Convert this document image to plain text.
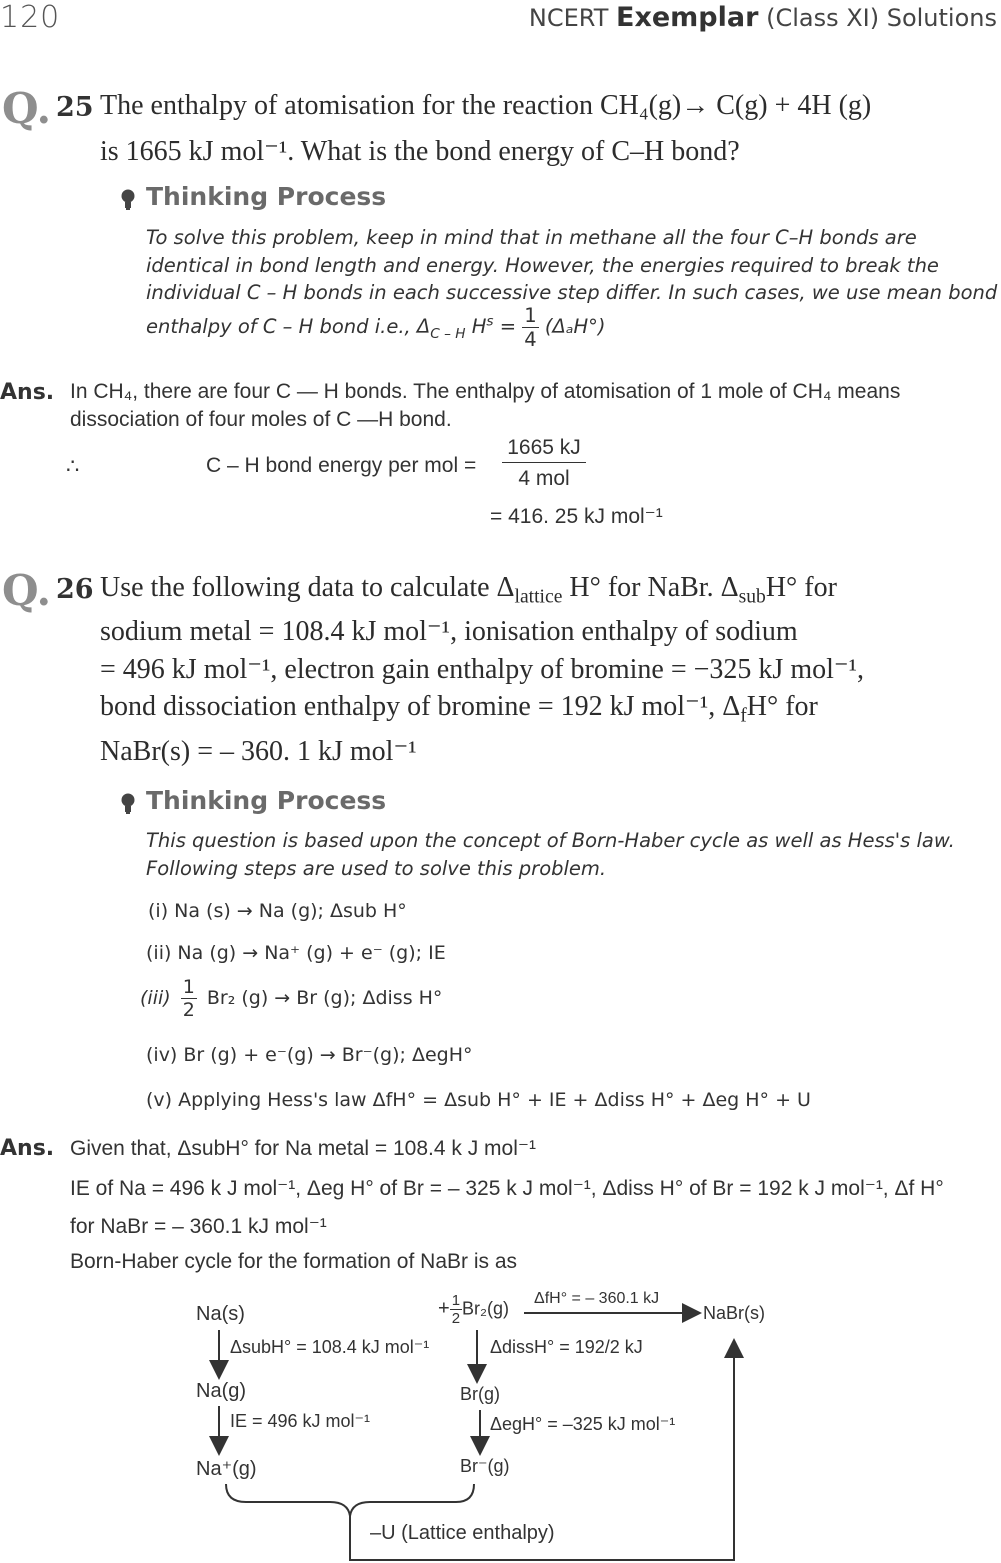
120	NCERT Exemplar (Class XI) Solutions
Q. 25 The enthalpy of atomisation for the reaction CH₄(g)→ C(g) + 4H (g)
is 1665 kJ mol⁻¹. What is the bond energy of C–H bond?
Thinking Process
To solve this problem, keep in mind that in methane all the four C–H bonds are
identical in bond length and energy. However, the energies required to break the
individual C – H bonds in each successive step differ. In such cases, we use mean bond
enthalpy of C – H bond i.e., $\Delta_{C - H}$ $H^s = \frac{1}{4} (\Delta_aH^\circ)$
Ans. In CH₄, there are four C — H bonds. The enthalpy of atomisation of 1 mole of CH₄ means
dissociation of four moles of C —H bond.
∴	C – H bond energy per mol =
1665 kJ
4 mol
= 416. 25 kJ mol⁻¹
Q. 26 Use the following data to calculate $\Delta_{lattice}$ H° for NaBr. $\Delta_{sub}H^\circ$ for
sodium metal = 108.4 kJ mol⁻¹, ionisation enthalpy of sodium
= 496 kJ mol⁻¹, electron gain enthalpy of bromine = −325 kJ mol⁻¹,
bond dissociation enthalpy of bromine = 192 kJ mol⁻¹, $\Delta_fH^\circ$ for
NaBr(s) = – 360. 1 kJ mol⁻¹
Thinking Process
This question is based upon the concept of Born-Haber cycle as well as Hess's law.
Following steps are used to solve this problem.
(i) Na (s) → Na (g); Δsub H°
(ii) Na (g) → Na⁺ (g) + e⁻ (g); IE
$(iii) \frac{1}{2} Br_2$ (g) → Br (g); Δdiss H°
(iv) Br (g) + e⁻(g) → Br⁻(g); ΔegH°
(v) Applying Hess's law ΔfH° = Δsub H° + IE + Δdiss H° + Δeg H° + U
Ans. Given that, ΔsubH° for Na metal = 108.4 k J mol⁻¹
IE of Na = 496 k J mol⁻¹, Δeg H° of Br = – 325 k J mol⁻¹, Δdiss H° of Br = 192 k J mol⁻¹, Δf H°
for NaBr = – 360.1 kJ mol⁻¹
Born-Haber cycle for the formation of NaBr is as
Na(s)
ΔsubH° = 108.4 kJ mol⁻¹
Na(g)
IE = 496 kJ mol⁻¹
Na⁺(g)
+ $\frac{1}{2} Br_2(g) \Delta fH^\circ$ = – 360.1 kJ
NaBr(s)
ΔdissH° = 192/2 kJ
Br(g)
ΔegH° = –325 kJ mol⁻¹
Br⁻(g)
–U (Lattice enthalpy)
